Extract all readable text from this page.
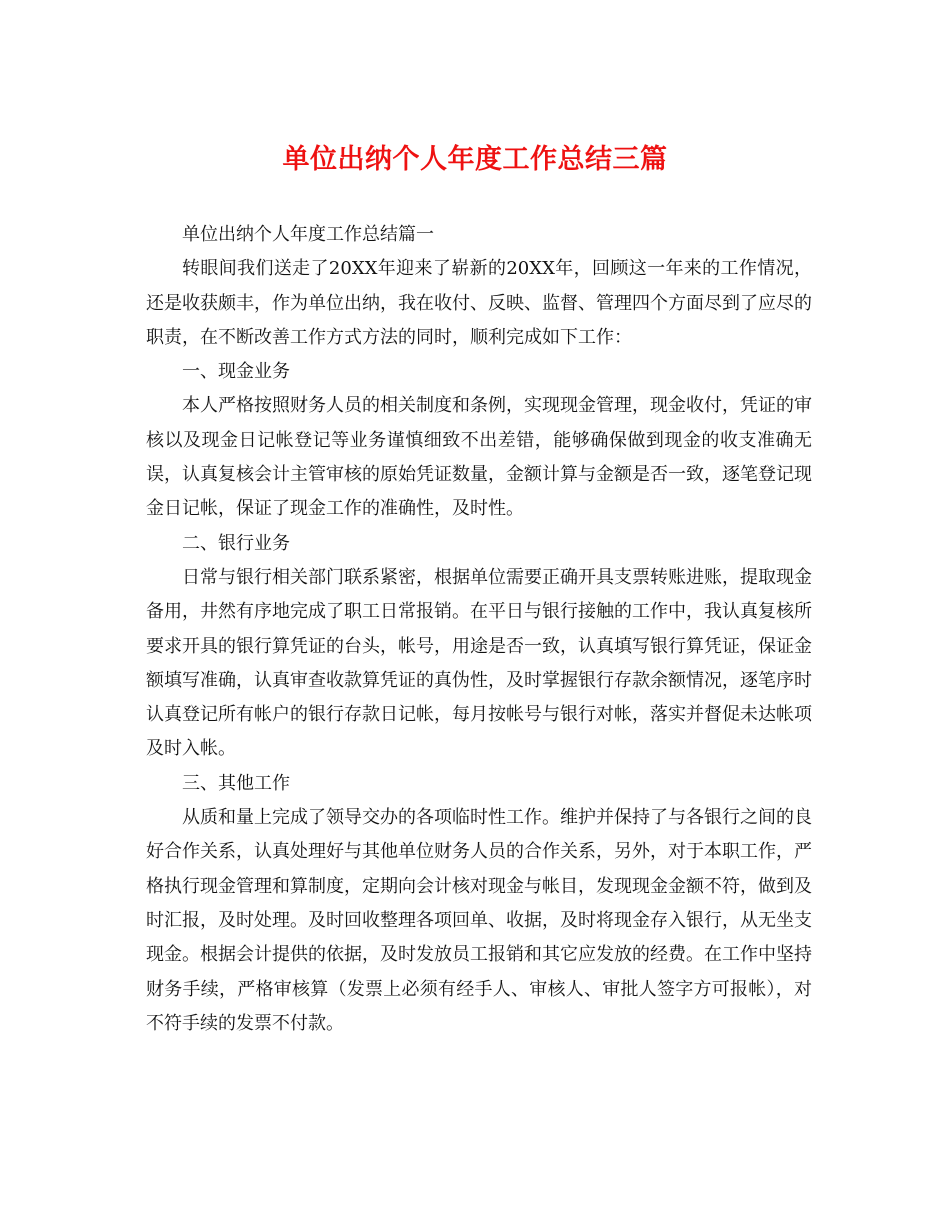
单位出纳个人年度工作总结三篇

单位出纳个人年度工作总结篇一

转眼间我们送走了20XX年迎来了崭新的20XX年，回顾这一年来的工作情况，还是收获颇丰，作为单位出纳，我在收付、反映、监督、管理四个方面尽到了应尽的职责，在不断改善工作方式方法的同时，顺利完成如下工作：

一、现金业务

本人严格按照财务人员的相关制度和条例，实现现金管理，现金收付，凭证的审核以及现金日记帐登记等业务谨慎细致不出差错，能够确保做到现金的收支准确无误，认真复核会计主管审核的原始凭证数量，金额计算与金额是否一致，逐笔登记现金日记帐，保证了现金工作的准确性，及时性。

二、银行业务

日常与银行相关部门联系紧密，根据单位需要正确开具支票转账进账，提取现金备用，井然有序地完成了职工日常报销。在平日与银行接触的工作中，我认真复核所要求开具的银行算凭证的台头，帐号，用途是否一致，认真填写银行算凭证，保证金额填写准确，认真审查收款算凭证的真伪性，及时掌握银行存款余额情况，逐笔序时认真登记所有帐户的银行存款日记帐，每月按帐号与银行对帐，落实并督促未达帐项及时入帐。

三、其他工作

从质和量上完成了领导交办的各项临时性工作。维护并保持了与各银行之间的良好合作关系，认真处理好与其他单位财务人员的合作关系，另外，对于本职工作，严格执行现金管理和算制度，定期向会计核对现金与帐目，发现现金金额不符，做到及时汇报，及时处理。及时回收整理各项回单、收据，及时将现金存入银行，从无坐支现金。根据会计提供的依据，及时发放员工报销和其它应发放的经费。在工作中坚持财务手续，严格审核算（发票上必须有经手人、审核人、审批人签字方可报帐），对不符手续的发票不付款。
